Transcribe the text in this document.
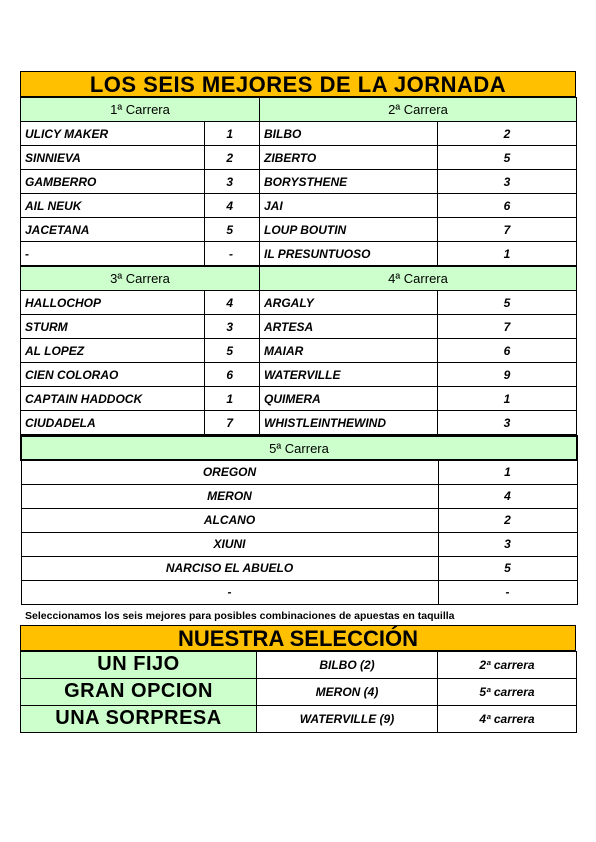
LOS SEIS MEJORES DE LA JORNADA
1ª Carrera		2ª Carrera	
ULICY MAKER	1	BILBO	2
SINNIEVA	2	ZIBERTO	5
GAMBERRO	3	BORYSTHENE	3
AIL NEUK	4	JAI	6
JACETANA	5	LOUP BOUTIN	7
-	-	IL PRESUNTUOSO	1
3ª Carrera		4ª Carrera	
HALLOCHOP	4	ARGALY	5
STURM	3	ARTESA	7
AL LOPEZ	5	MAIAR	6
CIEN COLORAO	6	WATERVILLE	9
CAPTAIN HADDOCK	1	QUIMERA	1
CIUDADELA	7	WHISTLEINTHEWIND	3
5ª Carrera	
OREGON	1
MERON	4
ALCANO	2
XIUNI	3
NARCISO EL ABUELO	5
-	-
Seleccionamos los seis mejores para posibles combinaciones de apuestas en taquilla
NUESTRA SELECCIÓN
UN FIJO	BILBO (2)	2ª carrera
GRAN OPCION	MERON (4)	5ª carrera
UNA SORPRESA	WATERVILLE (9)	4ª carrera
